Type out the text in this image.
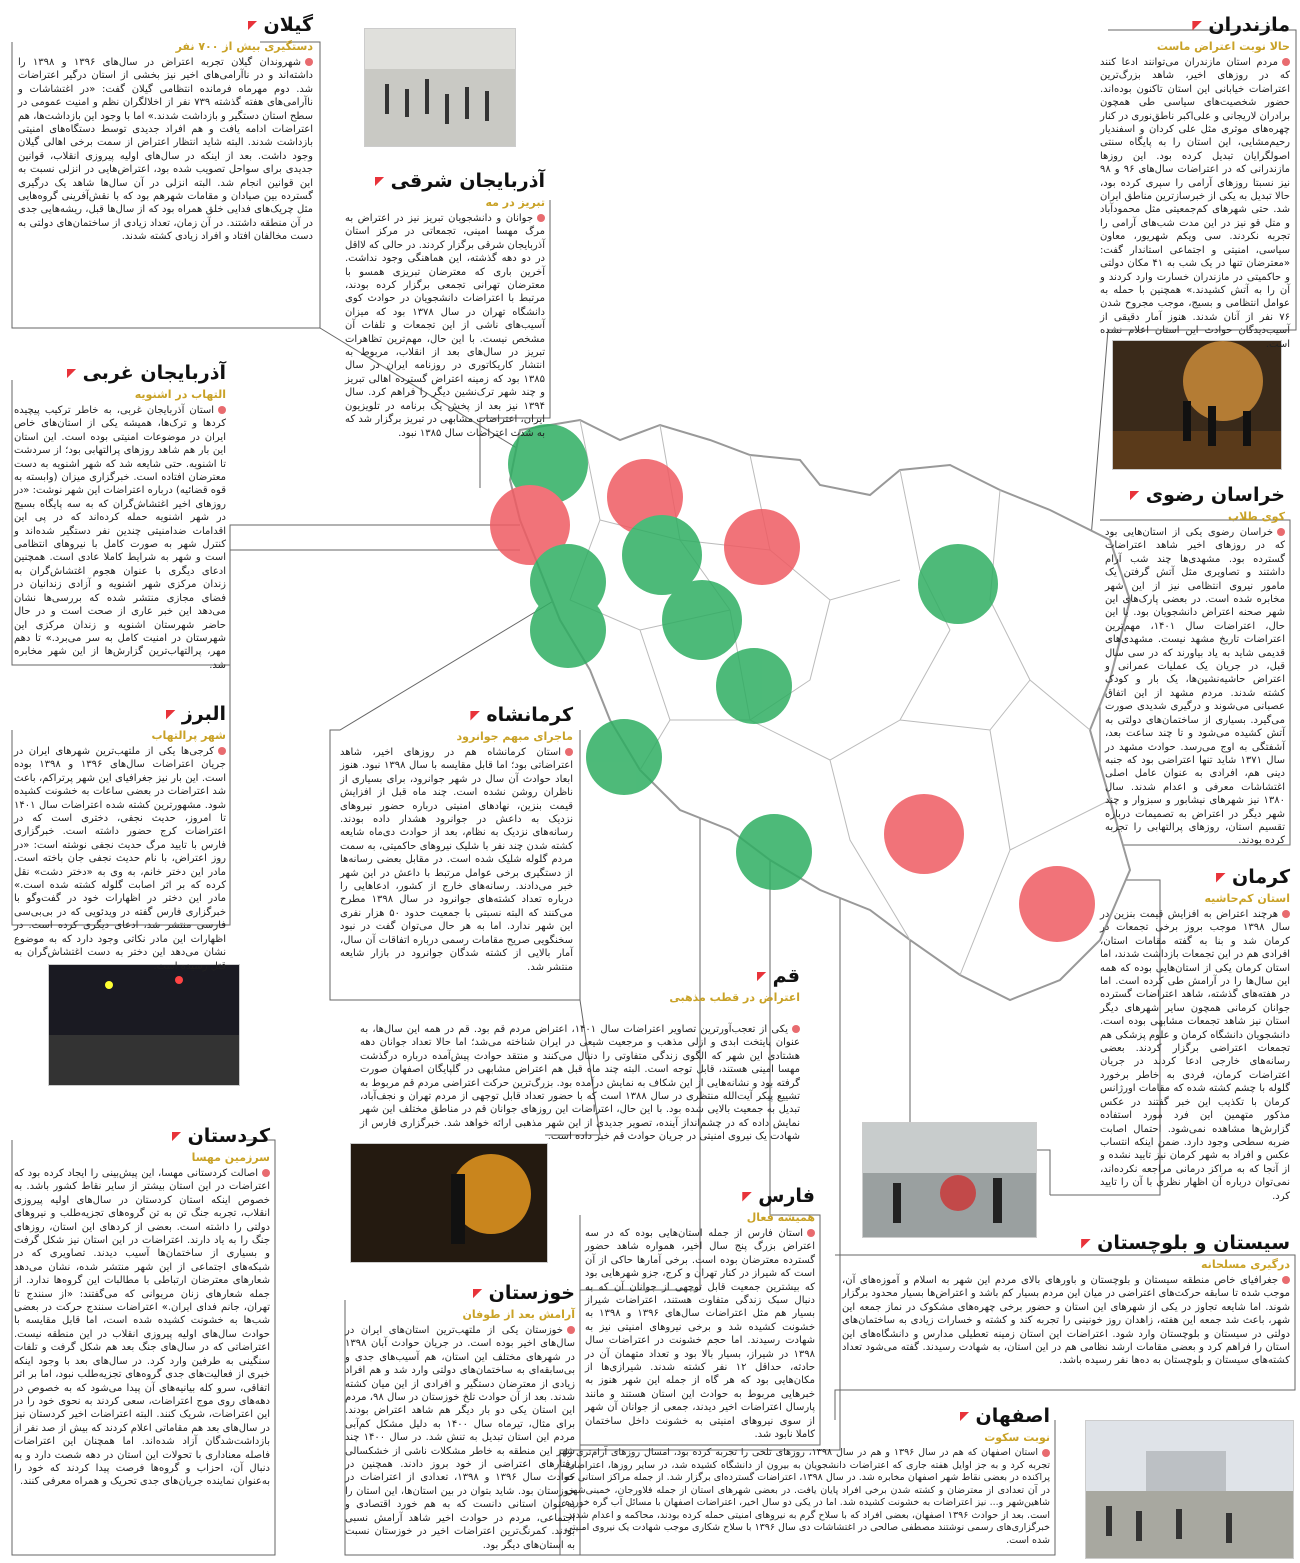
گیلان
دستگیری بیش از ۷۰۰ نفر
شهروندان گیلان تجربه اعتراض در سال‌های ۱۳۹۶ و ۱۳۹۸ را داشته‌اند و در ناآرامی‌های اخیر نیز بخشی از استان درگیر اعتراضات شد. دوم مهرماه فرمانده انتظامی گیلان گفت: «در اغتشاشات و ناآرامی‌های هفته گذشته ۷۳۹ نفر از اخلالگران نظم و امنیت عمومی در سطح استان دستگیر و بازداشت شدند.» اما با وجود این بازداشت‌ها، هم اعتراضات ادامه یافت و هم افراد جدیدی توسط دستگاه‌های امنیتی بازداشت شدند. البته شاید انتظار اعتراض از سمت برخی اهالی گیلان وجود داشت. بعد از اینکه در سال‌های اولیه پیروزی انقلاب، قوانین جدیدی برای سواحل تصویب شده بود، اعتراض‌هایی در انزلی نسبت به این قوانین انجام شد. البته انزلی در آن سال‌ها شاهد یک درگیری گسترده بین صیادان و مقامات شهرهم بود که با نقش‌آفرینی گروه‌هایی مثل چریک‌های فدایی خلق همراه بود که از سال‌ها قبل، ریشه‌هایی جدی در آن منطقه داشتند. در آن زمان، تعداد زیادی از ساختمان‌های دولتی به دست مخالفان افتاد و افراد زیادی کشته شدند.
آذربایجان شرقی
تبریز در مه
جوانان و دانشجویان تبریز نیز در اعتراض به مرگ مهسا امینی، تجمعاتی در مرکز استان آذربایجان شرقی برگزار کردند. در حالی که لااقل در دو دهه گذشته، این هماهنگی وجود نداشت. آخرین باری که معترضان تبریزی همسو با معترضان تهرانی تجمعی برگزار کرده بودند، مرتبط با اعتراضات دانشجویان در حوادث کوی دانشگاه تهران در سال ۱۳۷۸ بود که میزان آسیب‌های ناشی از این تجمعات و تلفات آن مشخص نیست. با این حال، مهم‌ترین تظاهرات تبریز در سال‌های بعد از انقلاب، مربوط به انتشار کاریکاتوری در روزنامه ایران در سال ۱۳۸۵ بود که زمینه اعتراض گسترده اهالی تبریز و چند شهر ترک‌نشین دیگر را فراهم کرد. سال ۱۳۹۴ نیز بعد از پخش یک برنامه در تلویزیون ایران، اعتراضات مشابهی در تبریز برگزار شد که به شدت اعتراضات سال ۱۳۸۵ نبود.
مازندران
حالا نوبت اعتراض ماست
مردم استان مازندران می‌توانند ادعا کنند که در روزهای اخیر، شاهد بزرگ‌ترین اعتراضات خیابانی این استان تاکنون بوده‌اند. حضور شخصیت‌های سیاسی طی همچون برادران لاریجانی و علی‌اکبر ناطق‌نوری در کنار چهره‌های موثری مثل علی کردان و اسفندیار رحیم‌مشایی، این استان را به پایگاه سنتی اصولگرایان تبدیل کرده بود. این روزها مازندرانی که در اعتراضات سال‌های ۹۶ و ۹۸ نیز نسبتا روزهای آرامی را سپری کرده بود، حالا تبدیل به یکی از خبرسازترین مناطق ایران شد. حتی شهرهای کم‌جمعیتی مثل محمودآباد و متل قو نیز در این مدت شب‌های آرامی را تجربه نکردند. سی ویکم شهریور، معاون سیاسی، امنیتی و اجتماعی استاندار گفت: «معترضان تنها در یک شب به ۴۱ مکان دولتی و حاکمیتی در مازندران خسارت وارد کردند و آن را به آتش کشیدند.» همچنین با حمله به عوامل انتظامی و بسیج، موجب مجروح شدن ۷۶ نفر از آنان شدند. هنوز آمار دقیقی از آسیب‌دیدگان حوادث این استان اعلام نشده است.
آذربایجان غربی
التهاب در اشنویه
استان آذربایجان غربی، به خاطر ترکیب پیچیده کردها و ترک‌ها، همیشه یکی از استان‌های خاص ایران در موضوعات امنیتی بوده است. این استان این بار هم شاهد روزهای پرالتهابی بود؛ از سردشت تا اشنویه. حتی شایعه شد که شهر اشنویه به دست معترضان افتاده است. خبرگزاری میزان (وابسته به قوه قضائیه) درباره اعتراضات این شهر نوشت: «در روزهای اخیر اغتشاش‌گران که به سه پایگاه بسیج در شهر اشنویه حمله کرده‌اند که در پی این اقدامات ضدامنیتی چندین نفر دستگیر شده‌اند و کنترل شهر به صورت کامل با نیروهای انتظامی است و شهر به شرایط کاملا عادی است. همچنین ادعای دیگری با عنوان هجوم اغتشاش‌گران به زندان مرکزی شهر اشنویه و آزادی زندانیان در فضای مجازی منتشر شده که بررسی‌ها نشان می‌دهد این خبر عاری از صحت است و در حال حاضر شهرستان اشنویه و زندان مرکزی این شهرستان در امنیت کامل به سر می‌برد.» تا دهم مهر، پرالتهاب‌ترین گزارش‌ها از این شهر مخابره شد.
خراسان رضوی
کوی طلاب
خراسان رضوی یکی از استان‌هایی بود که در روزهای اخیر شاهد اعتراضات گسترده بود. مشهدی‌ها چند شب آرام داشتند و تصاویری مثل آتش گرفتن یک مامور نیروی انتظامی نیز از این شهر مخابره شده است. در بعضی پارک‌های این شهر صحنه اعتراض دانشجویان بود. با این حال، اعتراضات سال ۱۴۰۱، مهم‌ترین اعتراضات تاریخ مشهد نیست. مشهدی‌های قدیمی شاید به یاد بیاورند که در سی سال قبل، در جریان یک عملیات عمرانی و اعتراض حاشیه‌نشین‌ها، یک بار و کودک کشته شدند. مردم مشهد از این اتفاق عصبانی می‌شوند و درگیری شدیدی صورت می‌گیرد. بسیاری از ساختمان‌های دولتی به آتش کشیده می‌شود و تا چند ساعت بعد، آشفتگی به اوج می‌رسد. حوادث مشهد در سال ۱۳۷۱ شاید تنها اعتراضی بود که جنبه دینی هم، افرادی به عنوان عامل اصلی اغتشاشات معرفی و اعدام شدند. سال ۱۳۸۰ نیز شهرهای نیشابور و سبزوار و چند شهر دیگر در اعتراض به تصمیمات درباره تقسیم استان، روزهای پرالتهابی را تجربه کرده بودند.
البرز
شهر پرالتهاب
کرجی‌ها یکی از ملتهب‌ترین شهرهای ایران در جریان اعتراضات سال‌های ۱۳۹۶ و ۱۳۹۸ بوده است. این بار نیز جغرافیای این شهر پرتراکم، باعث شد اعتراضات در بعضی ساعات به خشونت کشیده شود. مشهورترین کشته شده اعتراضات سال ۱۴۰۱ تا امروز، حدیث نجفی، دختری است که در اعتراضات کرج حضور داشته است. خبرگزاری فارس با تایید مرگ حدیث نجفی نوشته است: «در روز اعتراض، با نام حدیث نجفی جان باخته است. مادر این دختر خانم، به وی به «دختر دشت» نقل کرده که بر اثر اصابت گلوله کشته شده است.» مادر این دختر در اظهارات خود در گفت‌وگو با خبرگزاری فارس گفته در ویدئویی که در بی‌بی‌سی فارسی منتشر شد، ادعای دیگری کرده است. در اظهارات این مادر نکاتی وجود دارد که به موضوع نشان می‌دهد این دختر به دست اغتشاش‌گران به قتل رسیده است.
کرمانشاه
ماجرای مبهم جوانرود
استان کرمانشاه هم در روزهای اخیر، شاهد اعتراضاتی بود؛ اما قابل مقایسه با سال ۱۳۹۸ نبود. هنوز ابعاد حوادث آن سال در شهر جوانرود، برای بسیاری از ناظران روشن نشده است. چند ماه قبل از افزایش قیمت بنزین، نهادهای امنیتی درباره حضور نیروهای نزدیک به داعش در جوانرود هشدار داده بودند. رسانه‌های نزدیک به نظام، بعد از حوادث دی‌ماه شایعه کشته شدن چند نفر با شلیک نیروهای حاکمیتی، به سمت مردم گلوله شلیک شده است. در مقابل بعضی رسانه‌ها از دستگیری برخی عوامل مرتبط با داعش در این شهر خبر می‌دادند. رسانه‌های خارج از کشور، ادعاهایی را درباره تعداد کشته‌های جوانرود در سال ۱۳۹۸ مطرح می‌کنند که البته نسبتی با جمعیت حدود ۵۰ هزار نفری این شهر ندارد. اما به هر حال می‌توان گفت در نبود سخنگویی صریح مقامات رسمی درباره اتفاقات آن سال، آمار بالایی از کشته شدگان جوانرود در بازار شایعه منتشر شد.	قم
اعتراض در قطب مذهبی
یکی از تعجب‌آورترین تصاویر اعتراضات سال ۱۴۰۱، اعتراض مردم قم بود. قم در همه این سال‌ها، به عنوان پایتخت ابدی و ازلی مذهب و مرجعیت شیعی در ایران شناخته می‌شد؛ اما حالا تعداد جوانان دهه هشتادی این شهر که الگوی زندگی متفاوتی را دنبال می‌کنند و منتقد حوادث پیش‌آمده درباره درگذشت مهسا امینی هستند، قابل توجه است. البته چند ماه قبل هم اعتراض مشابهی در گلپایگان اصفهان صورت گرفته بود و نشانه‌هایی از این شکاف به نمایش درآمده بود. بزرگ‌ترین حرکت اعتراضی مردم قم مربوط به تشییع پیکر آیت‌الله منتظری در سال ۱۳۸۸ است که با حضور تعداد قابل توجهی از مردم تهران و نجف‌آباد، تبدیل به جمعیت بالایی شده بود. با این حال، اعتراضات این روزهای جوانان قم در مناطق مختلف این شهر نمایش داده که در چشم‌انداز آینده، تصویر جدیدی از این شهر مذهبی ارائه خواهد شد. خبرگزاری فارس از شهادت یک نیروی امنیتی در جریان حوادث قم خبر داده است.
کرمان
استان کم‌حاشیه
هرچند اعتراض به افزایش قیمت بنزین در سال ۱۳۹۸ موجب بروز برخی تجمعات در کرمان شد و بنا به گفته مقامات استان، افرادی هم در این تجمعات بازداشت شدند، اما استان کرمان یکی از استان‌هایی بوده که همه این سال‌ها را در آرامش طی کرده است. اما در هفته‌های گذشته، شاهد اعتراضات گسترده جوانان کرمانی همچون سایر شهرهای دیگر استان نیز شاهد تجمعات مشابهی بوده است. دانشجویان دانشگاه کرمان و علوم پزشکی هم تجمعات اعتراضی برگزار کردند. بعضی رسانه‌های خارجی ادعا کردند در جریان اعتراضات کرمان، فردی به خاطر برخورد گلوله با چشم کشته شده که مقامات اورژانس کرمان با تکذیب این خبر گفتند در عکس مذکور متهمین این فرد مورد استفاده گزارش‌ها مشاهده نمی‌شود. احتمال اصابت ضربه سطحی وجود دارد. ضمن اینکه انتساب عکس و افراد به شهر کرمان نیز تایید نشده و از آنجا که به مراکز درمانی مراجعه نکرده‌اند، نمی‌توان درباره آن اظهار نظری با آن را تایید کرد.
کردستان
سرزمین مهسا
اصالت کردستانی مهسا، این پیش‌بینی را ایجاد کرده بود که اعتراضات در این استان بیشتر از سایر نقاط کشور باشد. به خصوص اینکه استان کردستان در سال‌های اولیه پیروزی انقلاب، تجربه جنگ تن به تن گروه‌های تجزیه‌طلب و نیروهای دولتی را داشته است. بعضی از کردهای این استان، روزهای جنگ را به یاد دارند. اعتراضات در این استان نیز شکل گرفت و بسیاری از ساختمان‌ها آسیب دیدند. تصاویری که در شبکه‌های اجتماعی از این شهر منتشر شده، نشان می‌دهد شعارهای معترضان ارتباطی با مطالبات این گروه‌ها ندارد. از جمله شعارهای زنان مریوانی که می‌گفتند: «از سنندج تا تهران، جانم فدای ایران.» اعتراضات سنندج حرکت در بعضی شب‌ها به خشونت کشیده شده است، اما قابل مقایسه با حوادث سال‌های اولیه پیروزی انقلاب در این منطقه نیست. اعتراضاتی که در سال‌های جنگ بعد هم شکل گرفت و تلفات سنگینی به طرفین وارد کرد. در سال‌های بعد با وجود اینکه خبری از فعالیت‌های جدی گروه‌های تجزیه‌طلب نبود، اما بر اثر اتفاقی، سرو کله بیانیه‌های آن پیدا می‌شود که به خصوص در دهه‌های روی موج اعتراضات، سعی کردند به نحوی خود را در این اعتراضات، شریک کنند. البته اعتراضات اخیر کردستان نیز در سال‌های بعد هم مقاماتی اعلام کردند که بیش از صد نفر از بازداشت‌شدگان آزاد شده‌اند. اما همچنان این اعتراضات فاصله معناداری با تحولات این استان در دهه شصت دارد و به دنبال آن، احزاب و گروه‌ها فرصت پیدا کردند که خود را به‌عنوان نماینده جریان‌های جدی تحریک و همراه معرفی کنند.
خوزستان
آرامش بعد از طوفان
خوزستان یکی از ملتهب‌ترین استان‌های ایران در سال‌های اخیر بوده است. در جریان حوادث آبان ۱۳۹۸ در شهرهای مختلف این استان، هم آسیب‌های جدی و بی‌سابقه‌ای به ساختمان‌های دولتی وارد شد و هم افراد زیادی از معترضان دستگیر و افرادی از این میان کشته شدند. بعد از آن حوادث تلخ خوزستان در سال ۹۸، مردم این استان یکی دو بار دیگر هم شاهد اعتراض بودند. برای مثال، تیرماه سال ۱۴۰۰ به دلیل مشکل کم‌آبی مردم این استان تبدیل به تنش شد. در سال ۱۴۰۰ چند شهر این منطقه به خاطر مشکلات ناشی از خشکسالی رفتارهای اعتراضی از خود بروز دادند. همچنین در حوادث سال ۱۳۹۶ و ۱۳۹۸، تعدادی از اعتراضات در خوزستان بود. شاید بتوان در بین استان‌ها، این استان را به‌عنوان استانی دانست که به هم خورد اقتصادی و اجتماعی، مردم در حوادث اخیر شاهد آرامش نسبی بودند. کمرنگ‌ترین اعتراضات اخیر در خوزستان نسبت به استان‌های دیگر بود.
فارس
همیشه فعال
استان فارس از جمله استان‌هایی بوده که در سه اعتراض بزرگ پنج سال اخیر، همواره شاهد حضور گسترده معترضان بوده است. برخی آمارها حاکی از آن است که شیراز در کنار تهران و کرج، جزو شهرهایی بود که بیشترین جمعیت قابل توجهی از جوانان آن که به دنبال سبک زندگی متفاوت هستند، اعتراضات شیراز بسیار هم مثل اعتراضات سال‌های ۱۳۹۶ و ۱۳۹۸ به خشونت کشیده شد و برخی نیروهای امنیتی نیز به شهادت رسیدند. اما حجم خشونت در اعتراضات سال ۱۳۹۸ در شیراز، بسیار بالا بود و تعداد متهمان آن در حادثه، حداقل ۱۲ نفر کشته شدند. شیرازی‌ها از مکان‌هایی بود که هر گاه از جمله این شهر هنوز به خبرهایی مربوط به حوادث این استان هستند و مانند پارسال اعتراضات اخیر دیدند، جمعی از جوانان آن شهر از سوی نیروهای امنیتی به خشونت داخل ساختمان کاملا نابود شد.
سیستان و بلوچستان
درگیری مسلحانه
جغرافیای خاص منطقه سیستان و بلوچستان و باورهای بالای مردم این شهر به اسلام و آموزه‌های آن، موجب شده تا سابقه حرکت‌های اعتراضی در میان این مردم بسیار کم باشد و اعتراض‌ها بسیار محدود برگزار شوند. اما شایعه تجاوز در یکی از شهرهای این استان و حضور برخی چهره‌های مشکوک در نماز جمعه این شهر، باعث شد جمعه این هفته، زاهدان روز خونینی را تجربه کند و کشته و خسارات زیادی به ساختمان‌های دولتی در سیستان و بلوچستان وارد شود. اعتراضات این استان زمینه تعطیلی مدارس و دانشگاه‌های این استان را فراهم کرد و بعضی مقامات ارشد نظامی هم در این استان، به شهادت رسیدند. گفته می‌شود تعداد کشته‌های سیستان و بلوچستان به ده‌ها نفر رسیده باشد.
اصفهان
نوبت سکوت
استان اصفهان که هم در سال ۱۳۹۶ و هم در سال ۱۳۹۸، روزهای تلخی را تجربه کرده بود، امسال روزهای آرام‌تری را تجربه کرد و به جز اوایل هفته جاری که اعتراضات دانشجویان به بیرون از دانشگاه کشیده شد، در سایر روزها، اعتراضات پراکنده در بعضی نقاط شهر اصفهان مخابره شد. در سال ۱۳۹۸، اعتراضات گسترده‌ای برگزار شد. از جمله مراکز استانی که در آن تعدادی از معترضان و کشته شدن برخی افراد پایان یافت. در بعضی شهرهای استان از جمله فلاورجان، خمینی‌شهر، شاهین‌شهر و... نیز اعتراضات به خشونت کشیده شد. اما در یکی دو سال اخیر، اعتراضات اصفهان با مسائل آب گره خورده است. بعد از حوادث ۱۳۹۶ اصفهان، بعضی افراد که با سلاح گرم به نیروهای امنیتی حمله کرده بودند، محاکمه و اعدام شدند. خبرگزاری‌های رسمی نوشتند مصطفی صالحی در اغتشاشات دی سال ۱۳۹۶ با سلاح شکاری موجب شهادت یک نیروی امنیتی شده است.
